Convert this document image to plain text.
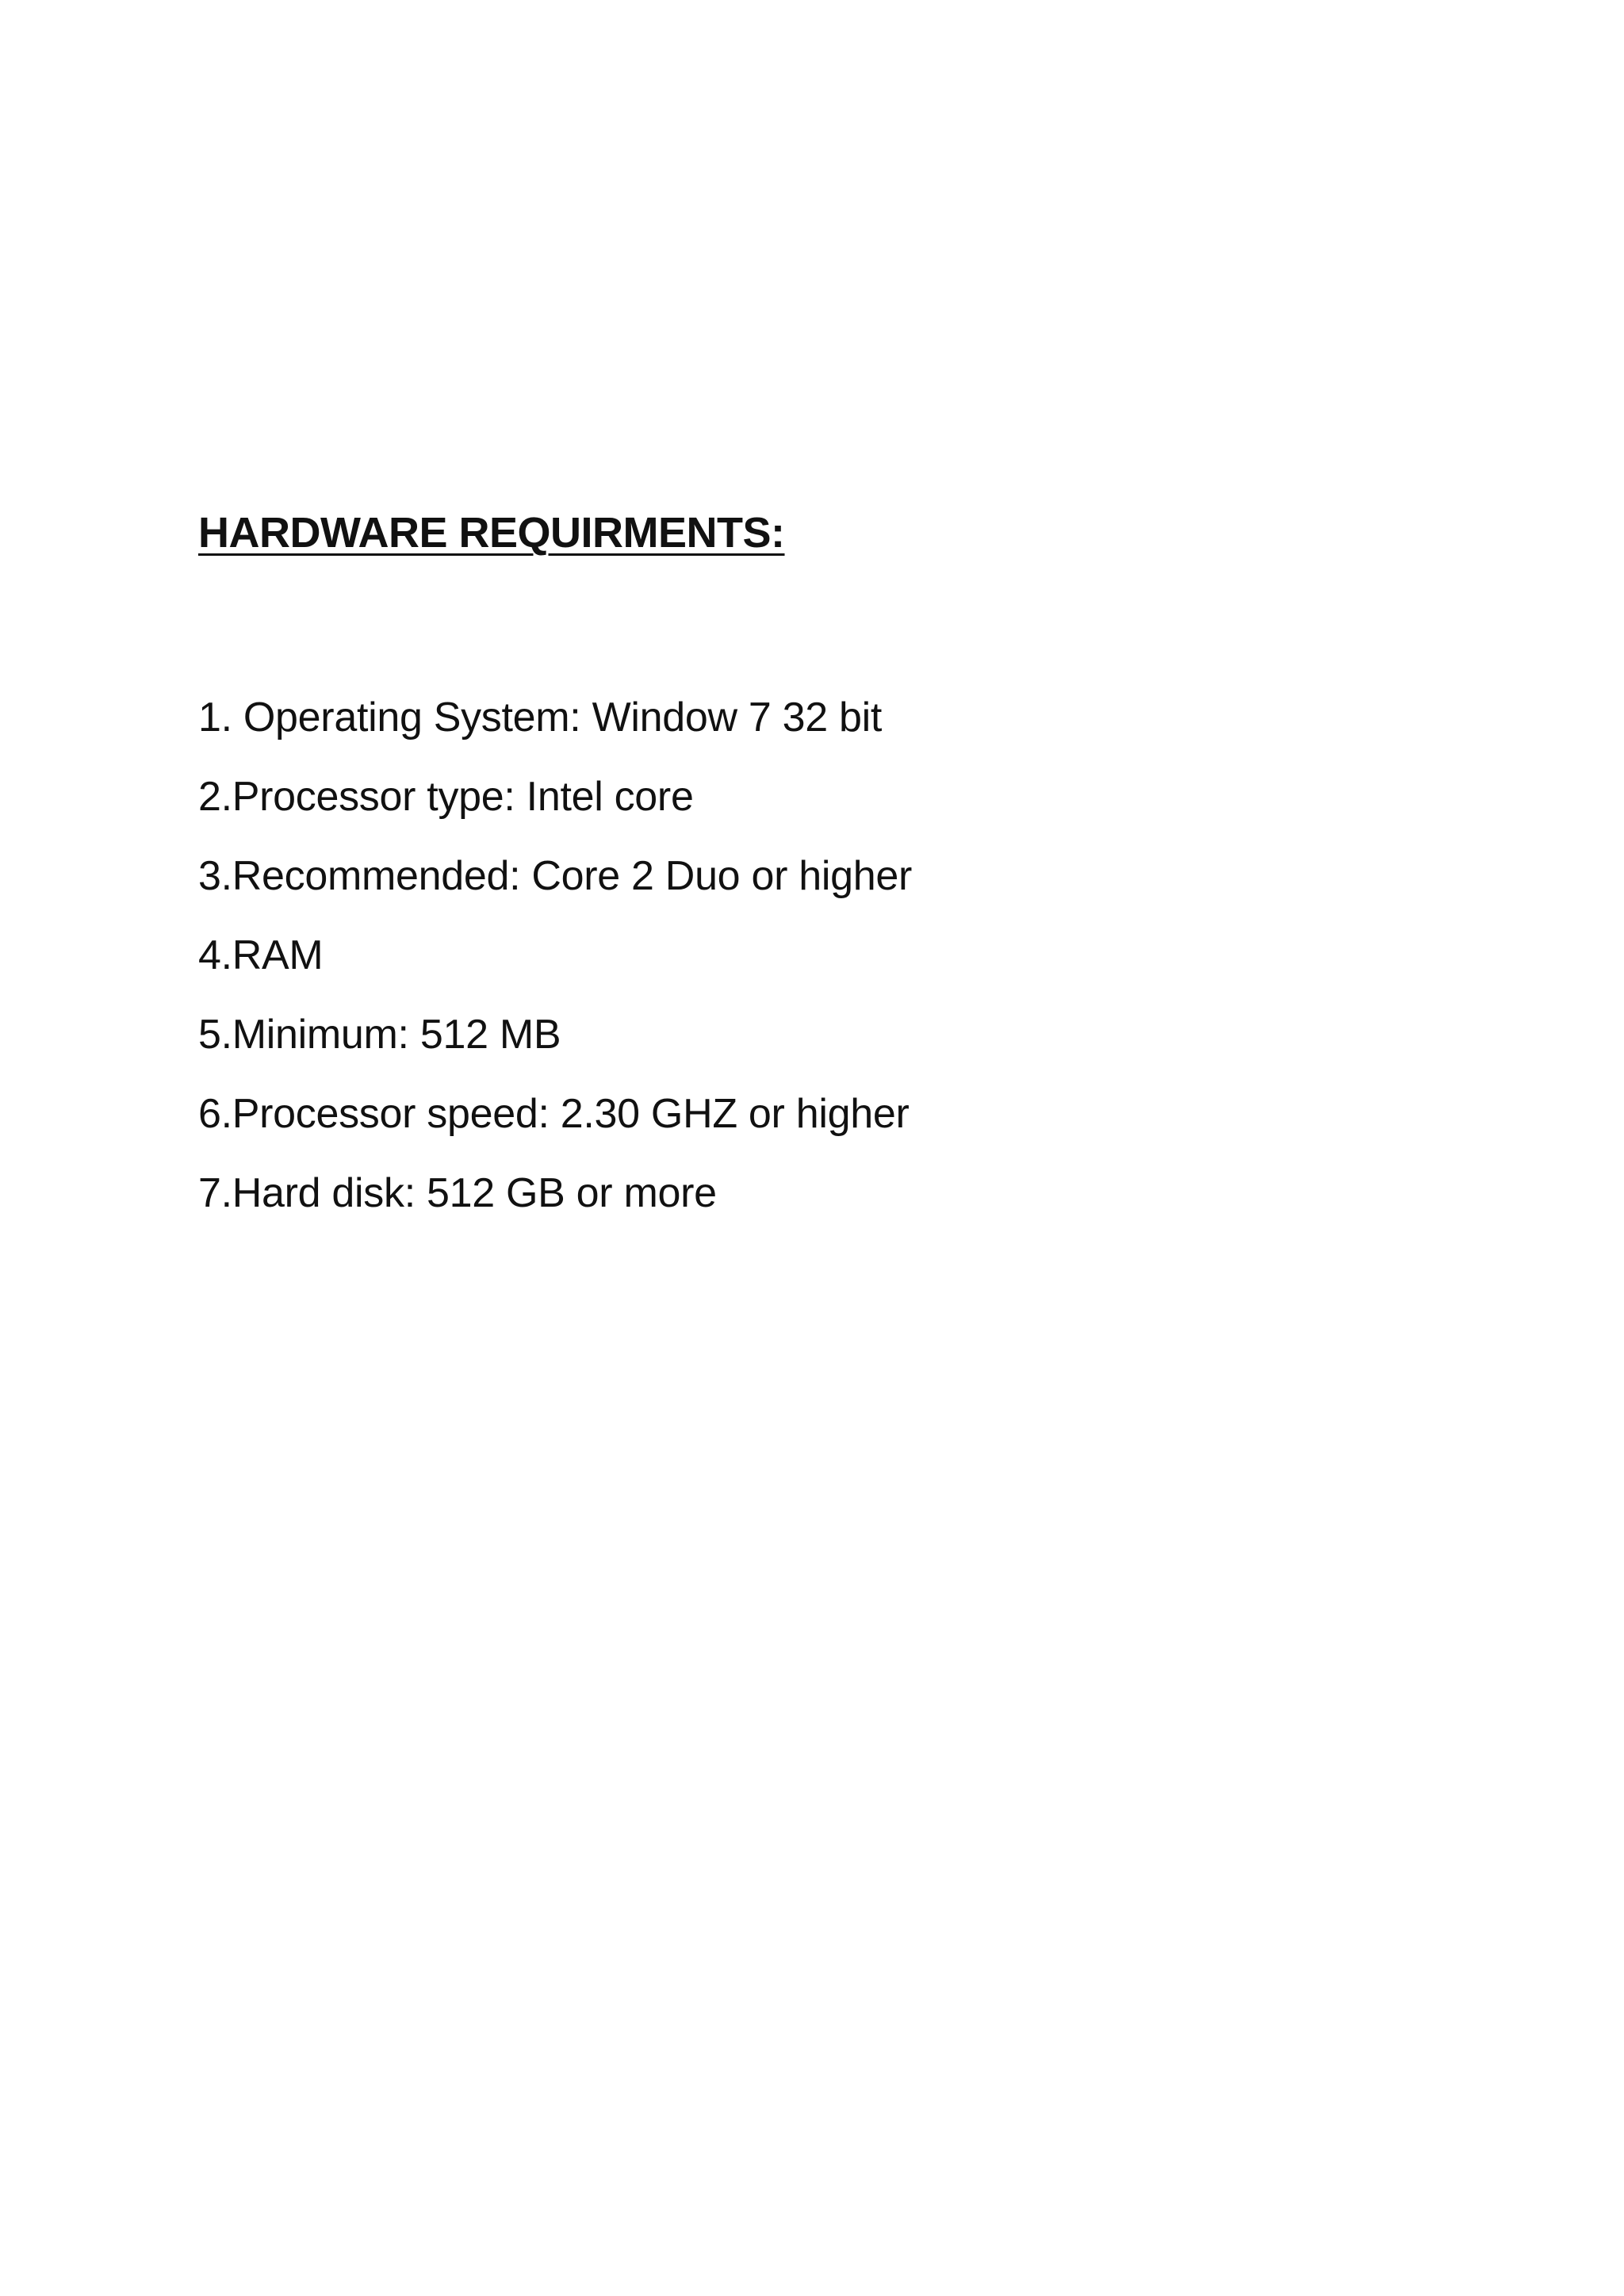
HARDWARE REQUIRMENTS:
1. Operating System: Window 7 32 bit
2.Processor type: Intel core
3.Recommended: Core 2 Duo or higher
4.RAM
5.Minimum: 512 MB
6.Processor speed: 2.30 GHZ or higher
7.Hard disk: 512 GB or more
